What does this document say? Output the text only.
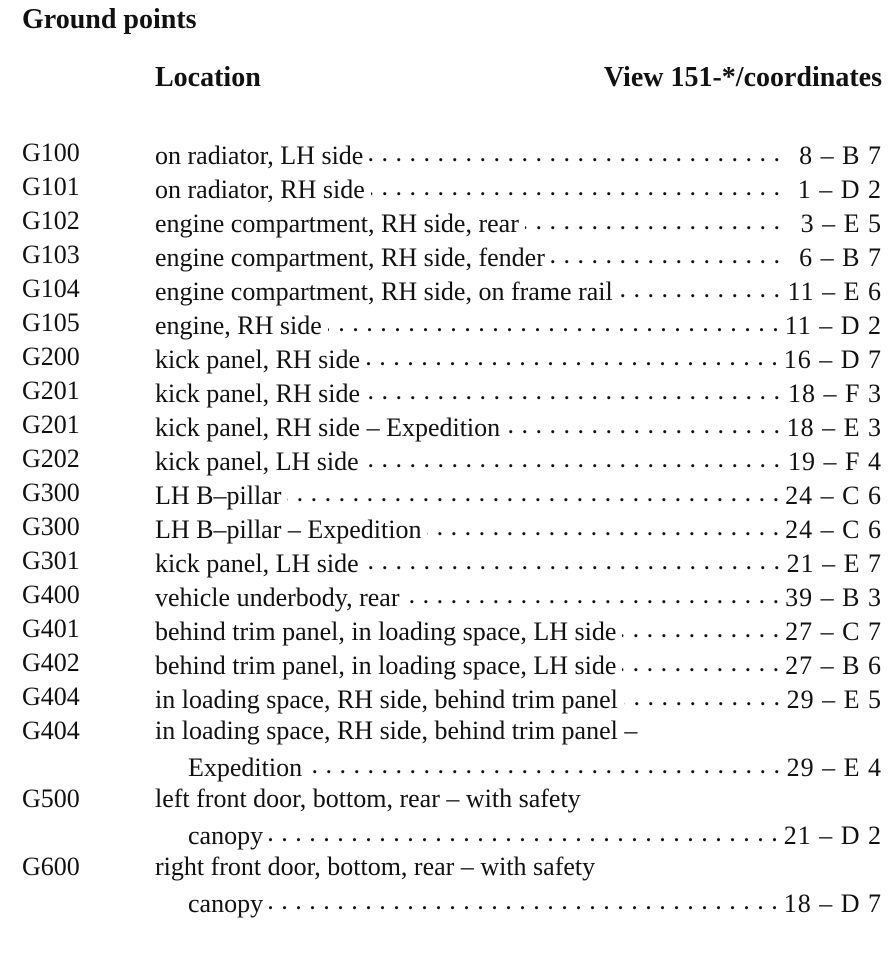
Ground points
Location	View 151-*/coordinates
G100	on radiator, LH side . . .	8 – B 7
G101	on radiator, RH side . . .	1 – D 2
G102	engine compartment, RH side, rear . . .	3 – E 5
G103	engine compartment, RH side, fender . . .	6 – B 7
G104	engine compartment, RH side, on frame rail . . .	11 – E 6
G105	engine, RH side . . .	11 – D 2
G200	kick panel, RH side . . .	16 – D 7
G201	kick panel, RH side . . .	18 – F 3
G201	kick panel, RH side – Expedition . . .	18 – E 3
G202	kick panel, LH side . . .	19 – F 4
G300	LH B–pillar . . .	24 – C 6
G300	LH B–pillar – Expedition . . .	24 – C 6
G301	kick panel, LH side . . .	21 – E 7
G400	vehicle underbody, rear . . .	39 – B 3
G401	behind trim panel, in loading space, LH side . . .	27 – C 7
G402	behind trim panel, in loading space, LH side . . .	27 – B 6
G404	in loading space, RH side, behind trim panel . . .	29 – E 5
G404	in loading space, RH side, behind trim panel –
Expedition . . .	29 – E 4
G500	left front door, bottom, rear – with safety
canopy . . .	21 – D 2
G600	right front door, bottom, rear – with safety
canopy . . .	18 – D 7
